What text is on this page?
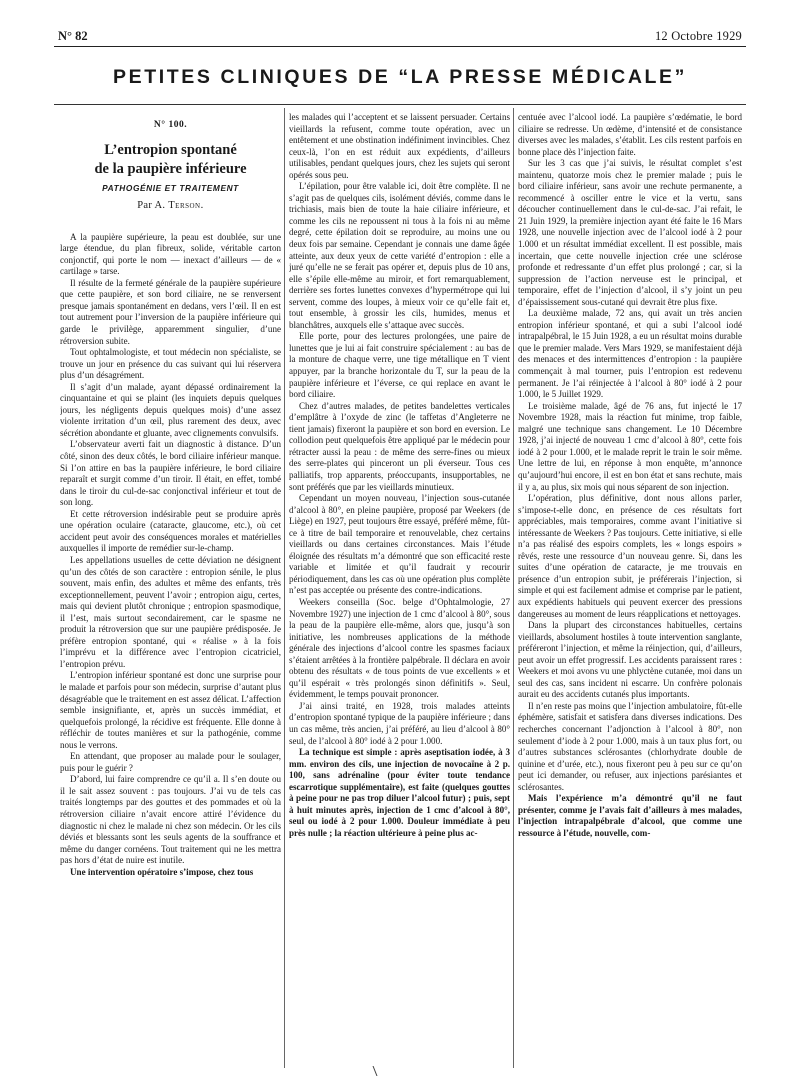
N° 82	12 Octobre 1929
PETITES CLINIQUES DE “LA PRESSE MÉDICALE”
N° 100.
L’entropion spontané
de la paupière inférieure
PATHOGÉNIE ET TRAITEMENT
Par A. Terson.

A la paupière supérieure, la peau est doublée, sur une large étendue, du plan fibreux, solide, véritable carton conjonctif, qui porte le nom — inexact d’ailleurs — de « cartilage » tarse.

Il résulte de la fermeté générale de la paupière supérieure que cette paupière, et son bord ciliaire, ne se renversent presque jamais spontanément en dedans, vers l’œil. Il en est tout autrement pour l’inversion de la paupière inférieure qui garde le privilège, apparemment singulier, d’une rétroversion subite.

Tout ophtalmologiste, et tout médecin non spécialiste, se trouve un jour en présence du cas suivant qui lui réservera plus d’un désagrément.

Il s’agit d’un malade, ayant dépassé ordinairement la cinquantaine et qui se plaint (les inquiets depuis quelques jours, les négligents depuis quelques mois) d’une assez violente irritation d’un œil, plus rarement des deux, avec sécrétion abondante et gluante, avec clignements convulsifs.

L’observateur averti fait un diagnostic à distance. D’un côté, sinon des deux côtés, le bord ciliaire inférieur manque. Si l’on attire en bas la paupière inférieure, le bord ciliaire reparaît et surgit comme d’un tiroir. Il était, en effet, tombé dans le tiroir du cul-de-sac conjonctival inférieur et tout de son long.

Et cette rétroversion indésirable peut se produire après une opération oculaire (cataracte, glaucome, etc.), où cet accident peut avoir des conséquences morales et matérielles auxquelles il importe de remédier sur-le-champ.

Les appellations usuelles de cette déviation ne désignent qu’un des côtés de son caractère : entropion sénile, le plus souvent, mais enfin, des adultes et même des enfants, très exceptionnellement, peuvent l’avoir ; entropion aigu, certes, mais qui devient plutôt chronique ; entropion spasmodique, il l’est, mais surtout secondairement, car le spasme ne produit la rétroversion que sur une paupière prédisposée. Je préfère entropion spontané, qui « réalise » à la fois l’imprévu et la différence avec l’entropion cicatriciel, l’entropion prévu.

L’entropion inférieur spontané est donc une surprise pour le malade et parfois pour son médecin, surprise d’autant plus désagréable que le traitement en est assez délicat. L’affection semble insignifiante, et, après un succès immédiat, et quelquefois prolongé, la récidive est fréquente. Elle donne à réfléchir de toutes manières et sur la pathogénie, comme nous le verrons.

En attendant, que proposer au malade pour le soulager, puis pour le guérir ?

D’abord, lui faire comprendre ce qu’il a. Il s’en doute ou il le sait assez souvent : pas toujours. J’ai vu de tels cas traités longtemps par des gouttes et des pommades et où la rétroversion ciliaire n’avait encore attiré l’évidence du diagnostic ni chez le malade ni chez son médecin. Or les cils déviés et blessants sont les seuls agents de la souffrance et même du danger cornéens. Tout traitement qui ne les mettra pas hors d’état de nuire est inutile.

Une intervention opératoire s’impose, chez tous

les malades qui l’acceptent et se laissent persuader. Certains vieillards la refusent, comme toute opération, avec un entêtement et une obstination indéfiniment invincibles. Chez ceux-là, l’on en est réduit aux expédients, d’ailleurs utilisables, pendant quelques jours, chez les sujets qui seront opérés sous peu.

L’épilation, pour être valable ici, doit être complète. Il ne s’agit pas de quelques cils, isolément déviés, comme dans le trichiasis, mais bien de toute la haie ciliaire inférieure, et comme les cils ne repoussent ni tous à la fois ni au même degré, cette épilation doit se reproduire, au moins une ou deux fois par semaine. Cependant je connais une dame âgée atteinte, aux deux yeux de cette variété d’entropion : elle a juré qu’elle ne se ferait pas opérer et, depuis plus de 10 ans, elle s’épile elle-même au miroir, et fort remarquablement, derrière ses fortes lunettes convexes d’hypermétrope qui lui servent, comme des loupes, à mieux voir ce qu’elle fait et, tout ensemble, à grossir les cils, humides, menus et blanchâtres, auxquels elle s’attaque avec succès.

Elle porte, pour des lectures prolongées, une paire de lunettes que je lui ai fait construire spécialement : au bas de la monture de chaque verre, une tige métallique en T vient appuyer, par la branche horizontale du T, sur la peau de la paupière inférieure et l’éverse, ce qui replace en avant le bord ciliaire.

Chez d’autres malades, de petites bandelettes verticales d’emplâtre à l’oxyde de zinc (le taffetas d’Angleterre ne tient jamais) fixeront la paupière et son bord en eversion. Le collodion peut quelquefois être appliqué par le médecin pour rétracter aussi la peau : de même des serre-fines ou mieux des serre-plates qui pinceront un pli éverseur. Tous ces palliatifs, trop apparents, préoccupants, insupportables, ne sont préférés que par les vieillards minutieux.

Cependant un moyen nouveau, l’injection sous-cutanée d’alcool à 80°, en pleine paupière, proposé par Weekers (de Liège) en 1927, peut toujours être essayé, préféré même, fût-ce à titre de bail temporaire et renouvelable, chez certains vieillards ou dans certaines circonstances. Mais l’étude éloignée des résultats m’a démontré que son efficacité reste variable et limitée et qu’il faudrait y recourir périodiquement, dans les cas où une opération plus complète n’est pas acceptée ou présente des contre-indications.

Weekers conseilla (Soc. belge d’Ophtalmologie, 27 Novembre 1927) une injection de 1 cmc d’alcool à 80°, sous la peau de la paupière elle-même, alors que, jusqu’à son initiative, les nombreuses applications de la méthode générale des injections d’alcool contre les spasmes faciaux s’étaient arrêtées à la frontière palpébrale. Il déclara en avoir obtenu des résultats « de tous points de vue excellents » et qu’il espérait « très prolongés sinon définitifs ». Seul, évidemment, le temps pouvait prononcer.

J’ai ainsi traité, en 1928, trois malades atteints d’entropion spontané typique de la paupière inférieure ; dans un cas même, très ancien, j’ai préféré, au lieu d’alcool à 80° seul, de l’alcool à 80° iodé à 2 pour 1.000.

La technique est simple : après aseptisation iodée, à 3 mm. environ des cils, une injection de novocaïne à 2 p. 100, sans adrénaline (pour éviter toute tendance escarrotique supplémentaire), est faite (quelques gouttes à peine pour ne pas trop diluer l’alcool futur) ; puis, sept à huit minutes après, injection de 1 cmc d’alcool à 80°, seul ou iodé à 2 pour 1.000. Douleur immédiate à peu près nulle ; la réaction ultérieure à peine plus ac-

centuée avec l’alcool iodé. La paupière s’œdématie, le bord ciliaire se redresse. Un œdème, d’intensité et de consistance diverses avec les malades, s’établit. Les cils restent parfois en bonne place dès l’injection faite.

Sur les 3 cas que j’ai suivis, le résultat complet s’est maintenu, quatorze mois chez le premier malade ; puis le bord ciliaire inférieur, sans avoir une rechute permanente, a recommencé à osciller entre le vice et la vertu, sans découcher continuellement dans le cul-de-sac. J’ai refait, le 21 Juin 1929, la première injection ayant été faite le 16 Mars 1928, une nouvelle injection avec de l’alcool iodé à 2 pour 1.000 et un résultat immédiat excellent. Il est possible, mais incertain, que cette nouvelle injection crée une sclérose profonde et redressante d’un effet plus prolongé ; car, si la suppression de l’action nerveuse est le principal, et temporaire, effet de l’injection d’alcool, il s’y joint un peu d’épaississement sous-cutané qui devrait être plus fixe.

La deuxième malade, 72 ans, qui avait un très ancien entropion inférieur spontané, et qui a subi l’alcool iodé intrapalpébral, le 15 Juin 1928, a eu un résultat moins durable que le premier malade. Vers Mars 1929, se manifestaient déjà des menaces et des intermittences d’entropion : la paupière commençait à mal tourner, puis l’entropion est redevenu permanent. Je l’ai réinjectée à l’alcool à 80° iodé à 2 pour 1.000, le 5 Juillet 1929.

Le troisième malade, âgé de 76 ans, fut injecté le 17 Novembre 1928, mais la réaction fut minime, trop faible, malgré une technique sans changement. Le 10 Décembre 1928, j’ai injecté de nouveau 1 cmc d’alcool à 80°, cette fois iodé à 2 pour 1.000, et le malade reprit le train le soir même. Une lettre de lui, en réponse à mon enquête, m’annonce qu’aujourd’hui encore, il est en bon état et sans rechute, mais il y a, au plus, six mois qui nous séparent de son injection.

L’opération, plus définitive, dont nous allons parler, s’impose-t-elle donc, en présence de ces résultats fort appréciables, mais temporaires, comme avant l’initiative si intéressante de Weekers ? Pas toujours. Cette initiative, si elle n’a pas réalisé des espoirs complets, les « longs espoirs » rêvés, reste une ressource d’un nouveau genre. Si, dans les suites d’une opération de cataracte, je me trouvais en présence d’un entropion subit, je préférerais l’injection, si simple et qui est facilement admise et comprise par le patient, aux expédients habituels qui peuvent exercer des pressions dangereuses au moment de leurs réapplications et nettoyages.

Dans la plupart des circonstances habituelles, certains vieillards, absolument hostiles à toute intervention sanglante, préféreront l’injection, et même la réinjection, qui, d’ailleurs, peut avoir un effet progressif. Les accidents paraissent rares : Weekers et moi avons vu une phlyctène cutanée, moi dans un seul des cas, sans incident ni escarre. Un confrère polonais aurait eu des accidents cutanés plus importants.

Il n’en reste pas moins que l’injection ambulatoire, fût-elle éphémère, satisfait et satisfera dans diverses indications. Des recherches concernant l’adjonction à l’alcool à 80°, non seulement d’iode à 2 pour 1.000, mais à un taux plus fort, ou d’autres substances sclérosantes (chlorhydrate double de quinine et d’urée, etc.), nous fixeront peu à peu sur ce qu’on peut ici demander, ou refuser, aux injections parésiantes et sclérosantes.

Mais l’expérience m’a démontré qu’il ne faut présenter, comme je l’avais fait d’ailleurs à mes malades, l’injection intrapalpébrale d’alcool, que comme une ressource à l’étude, nouvelle, com-
